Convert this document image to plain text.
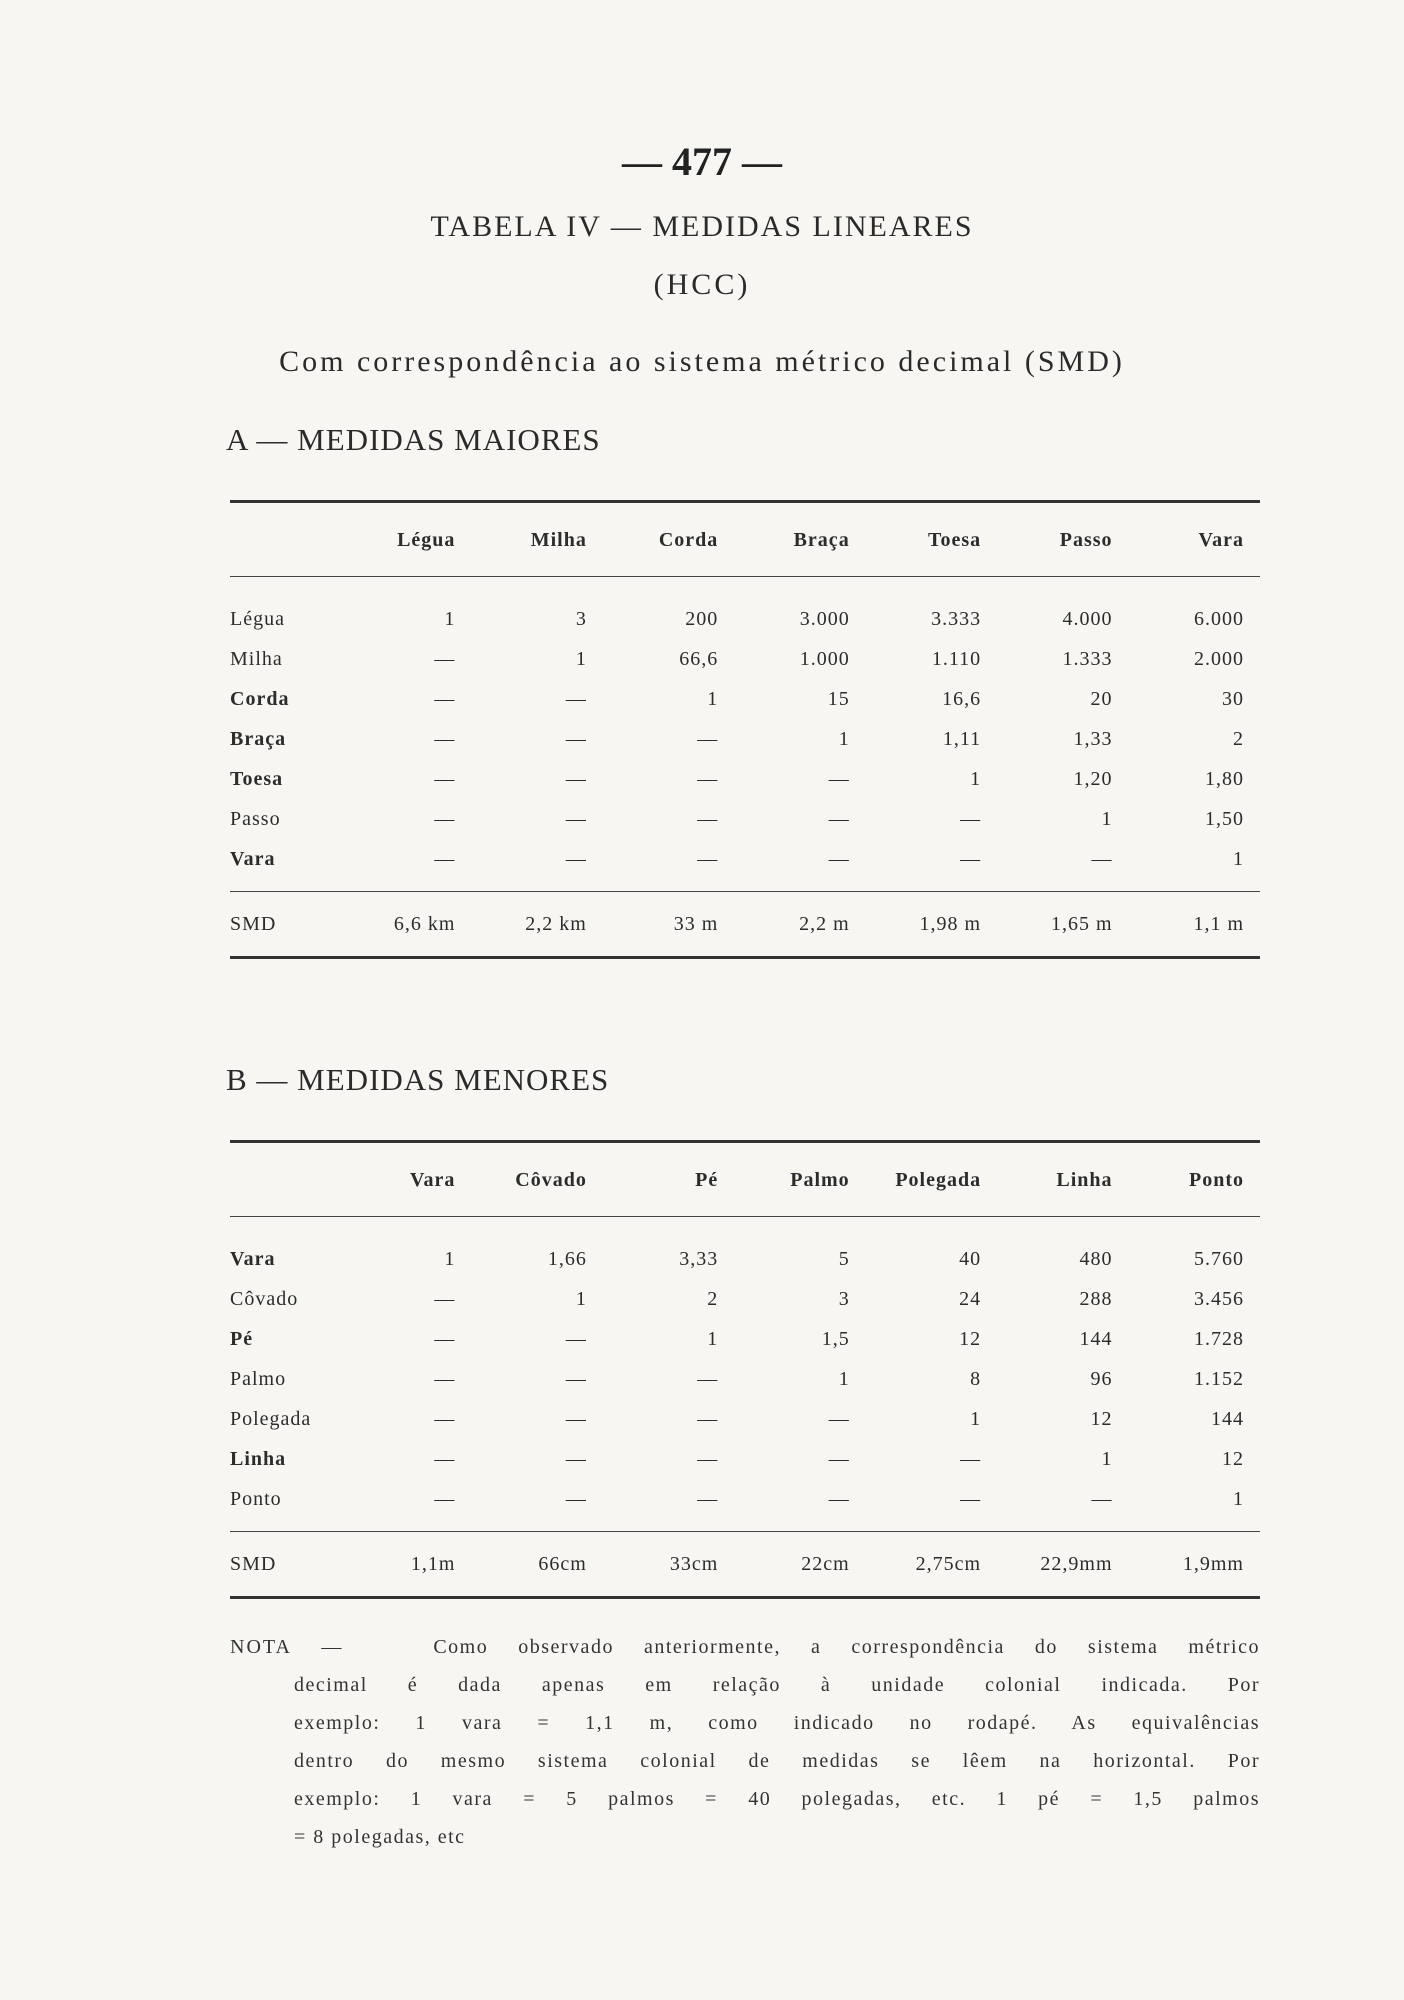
— 477 —
TABELA IV — MEDIDAS LINEARES
(HCC)
Com correspondência ao sistema métrico decimal (SMD)
A — MEDIDAS MAIORES
	Légua	Milha	Corda	Braça	Toesa	Passo	Vara
Légua	1	3	200	3.000	3.333	4.000	6.000
Milha	—	1	66,6	1.000	1.110	1.333	2.000
Corda	—	—	1	15	16,6	20	30
Braça	—	—	—	1	1,11	1,33	2
Toesa	—	—	—	—	1	1,20	1,80
Passo	—	—	—	—	—	1	1,50
Vara	—	—	—	—	—	—	1
SMD	6,6 km	2,2 km	33 m	2,2 m	1,98 m	1,65 m	1,1 m
B — MEDIDAS MENORES
	Vara	Côvado	Pé	Palmo	Polegada	Linha	Ponto
Vara	1	1,66	3,33	5	40	480	5.760
Côvado	—	1	2	3	24	288	3.456
Pé	—	—	1	1,5	12	144	1.728
Palmo	—	—	—	1	8	96	1.152
Polegada	—	—	—	—	1	12	144
Linha	—	—	—	—	—	1	12
Ponto	—	—	—	—	—	—	1
SMD	1,1m	66cm	33cm	22cm	2,75cm	22,9mm	1,9mm
NOTA —	Como observado anteriormente, a correspondência do sistema métrico
decimal é dada apenas em relação à unidade colonial indicada. Por
exemplo: 1 vara = 1,1 m, como indicado no rodapé. As equivalências
dentro do mesmo sistema colonial de medidas se lêem na horizontal. Por
exemplo: 1 vara = 5 palmos = 40 polegadas, etc. 1 pé = 1,5 palmos
= 8 polegadas, etc
